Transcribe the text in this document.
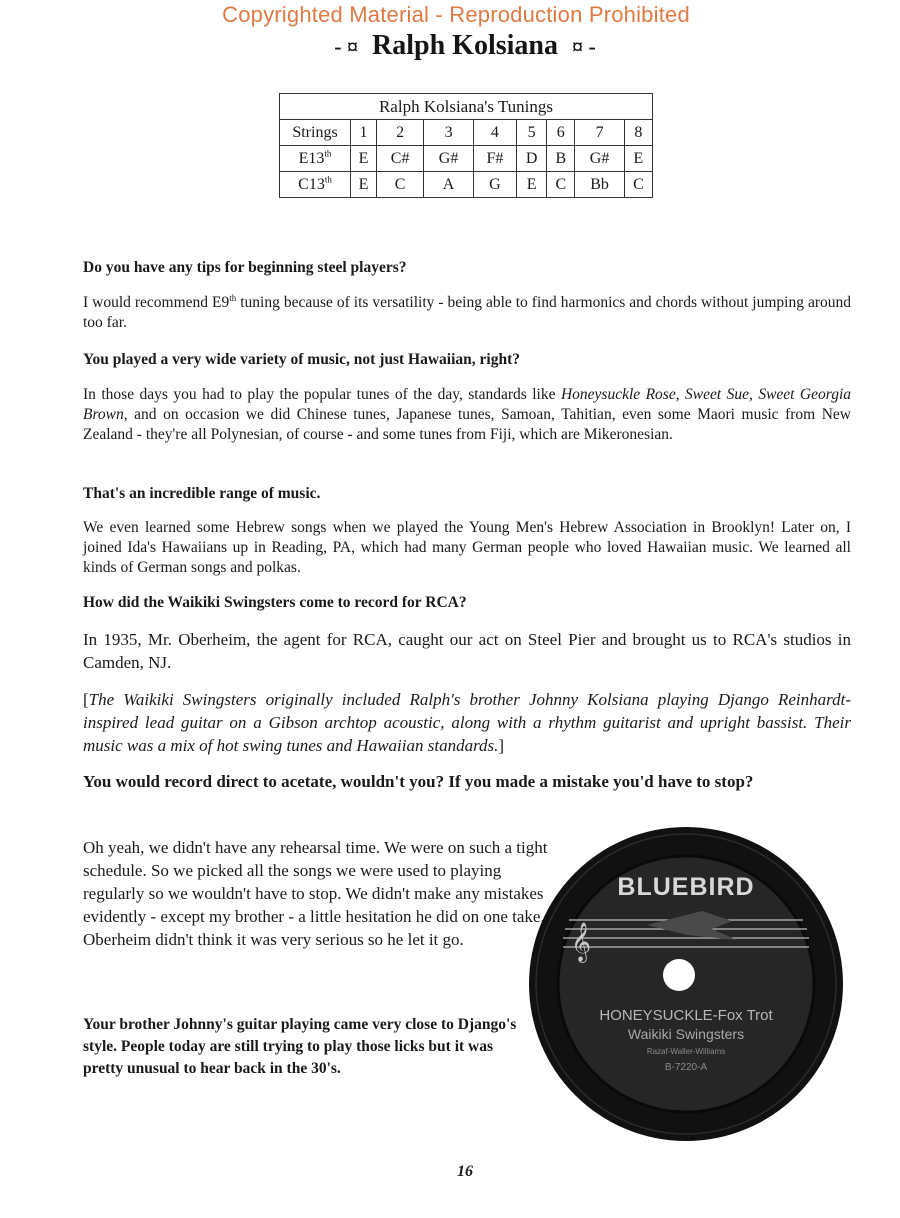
Copyrighted Material - Reproduction Prohibited
- ¤ Ralph Kolsiana ¤ -
Ralph Kolsiana's Tunings								
Strings	1	2	3	4	5	6	7	8
E13th	E	C#	G#	F#	D	B	G#	E
C13th	E	C	A	G	E	C	Bb	C

Do you have any tips for beginning steel players?

I would recommend E9th tuning because of its versatility - being able to find harmonics and chords without jumping around too far.

You played a very wide variety of music, not just Hawaiian, right?

In those days you had to play the popular tunes of the day, standards like Honeysuckle Rose, Sweet Sue, Sweet Georgia Brown, and on occasion we did Chinese tunes, Japanese tunes, Samoan, Tahitian, even some Maori music from New Zealand - they're all Polynesian, of course - and some tunes from Fiji, which are Mikeronesian.

That's an incredible range of music.

We even learned some Hebrew songs when we played the Young Men's Hebrew Association in Brooklyn! Later on, I joined Ida's Hawaiians up in Reading, PA, which had many German people who loved Hawaiian music. We learned all kinds of German songs and polkas.

How did the Waikiki Swingsters come to record for RCA?

In 1935, Mr. Oberheim, the agent for RCA, caught our act on Steel Pier and brought us to RCA's studios in Camden, NJ.

[The Waikiki Swingsters originally included Ralph's brother Johnny Kolsiana playing Django Reinhardt-inspired lead guitar on a Gibson archtop acoustic, along with a rhythm guitarist and upright bassist. Their music was a mix of hot swing tunes and Hawaiian standards.]

You would record direct to acetate, wouldn't you? If you made a mistake you'd have to stop?

Oh yeah, we didn't have any rehearsal time. We were on such a tight schedule. So we picked all the songs we were used to playing regularly so we wouldn't have to stop. We didn't make any mistakes evidently - except my brother - a little hesitation he did on one take. Oberheim didn't think it was very serious so he let it go.

Your brother Johnny's guitar playing came very close to Django's style. People today are still trying to play those licks but it was pretty unusual to hear back in the 30's.

BLUEBIRD
𝄞
HONEYSUCKLE-Fox Trot
Waikiki Swingsters
Razaf-Waller-Williams
B-7220-A
16
